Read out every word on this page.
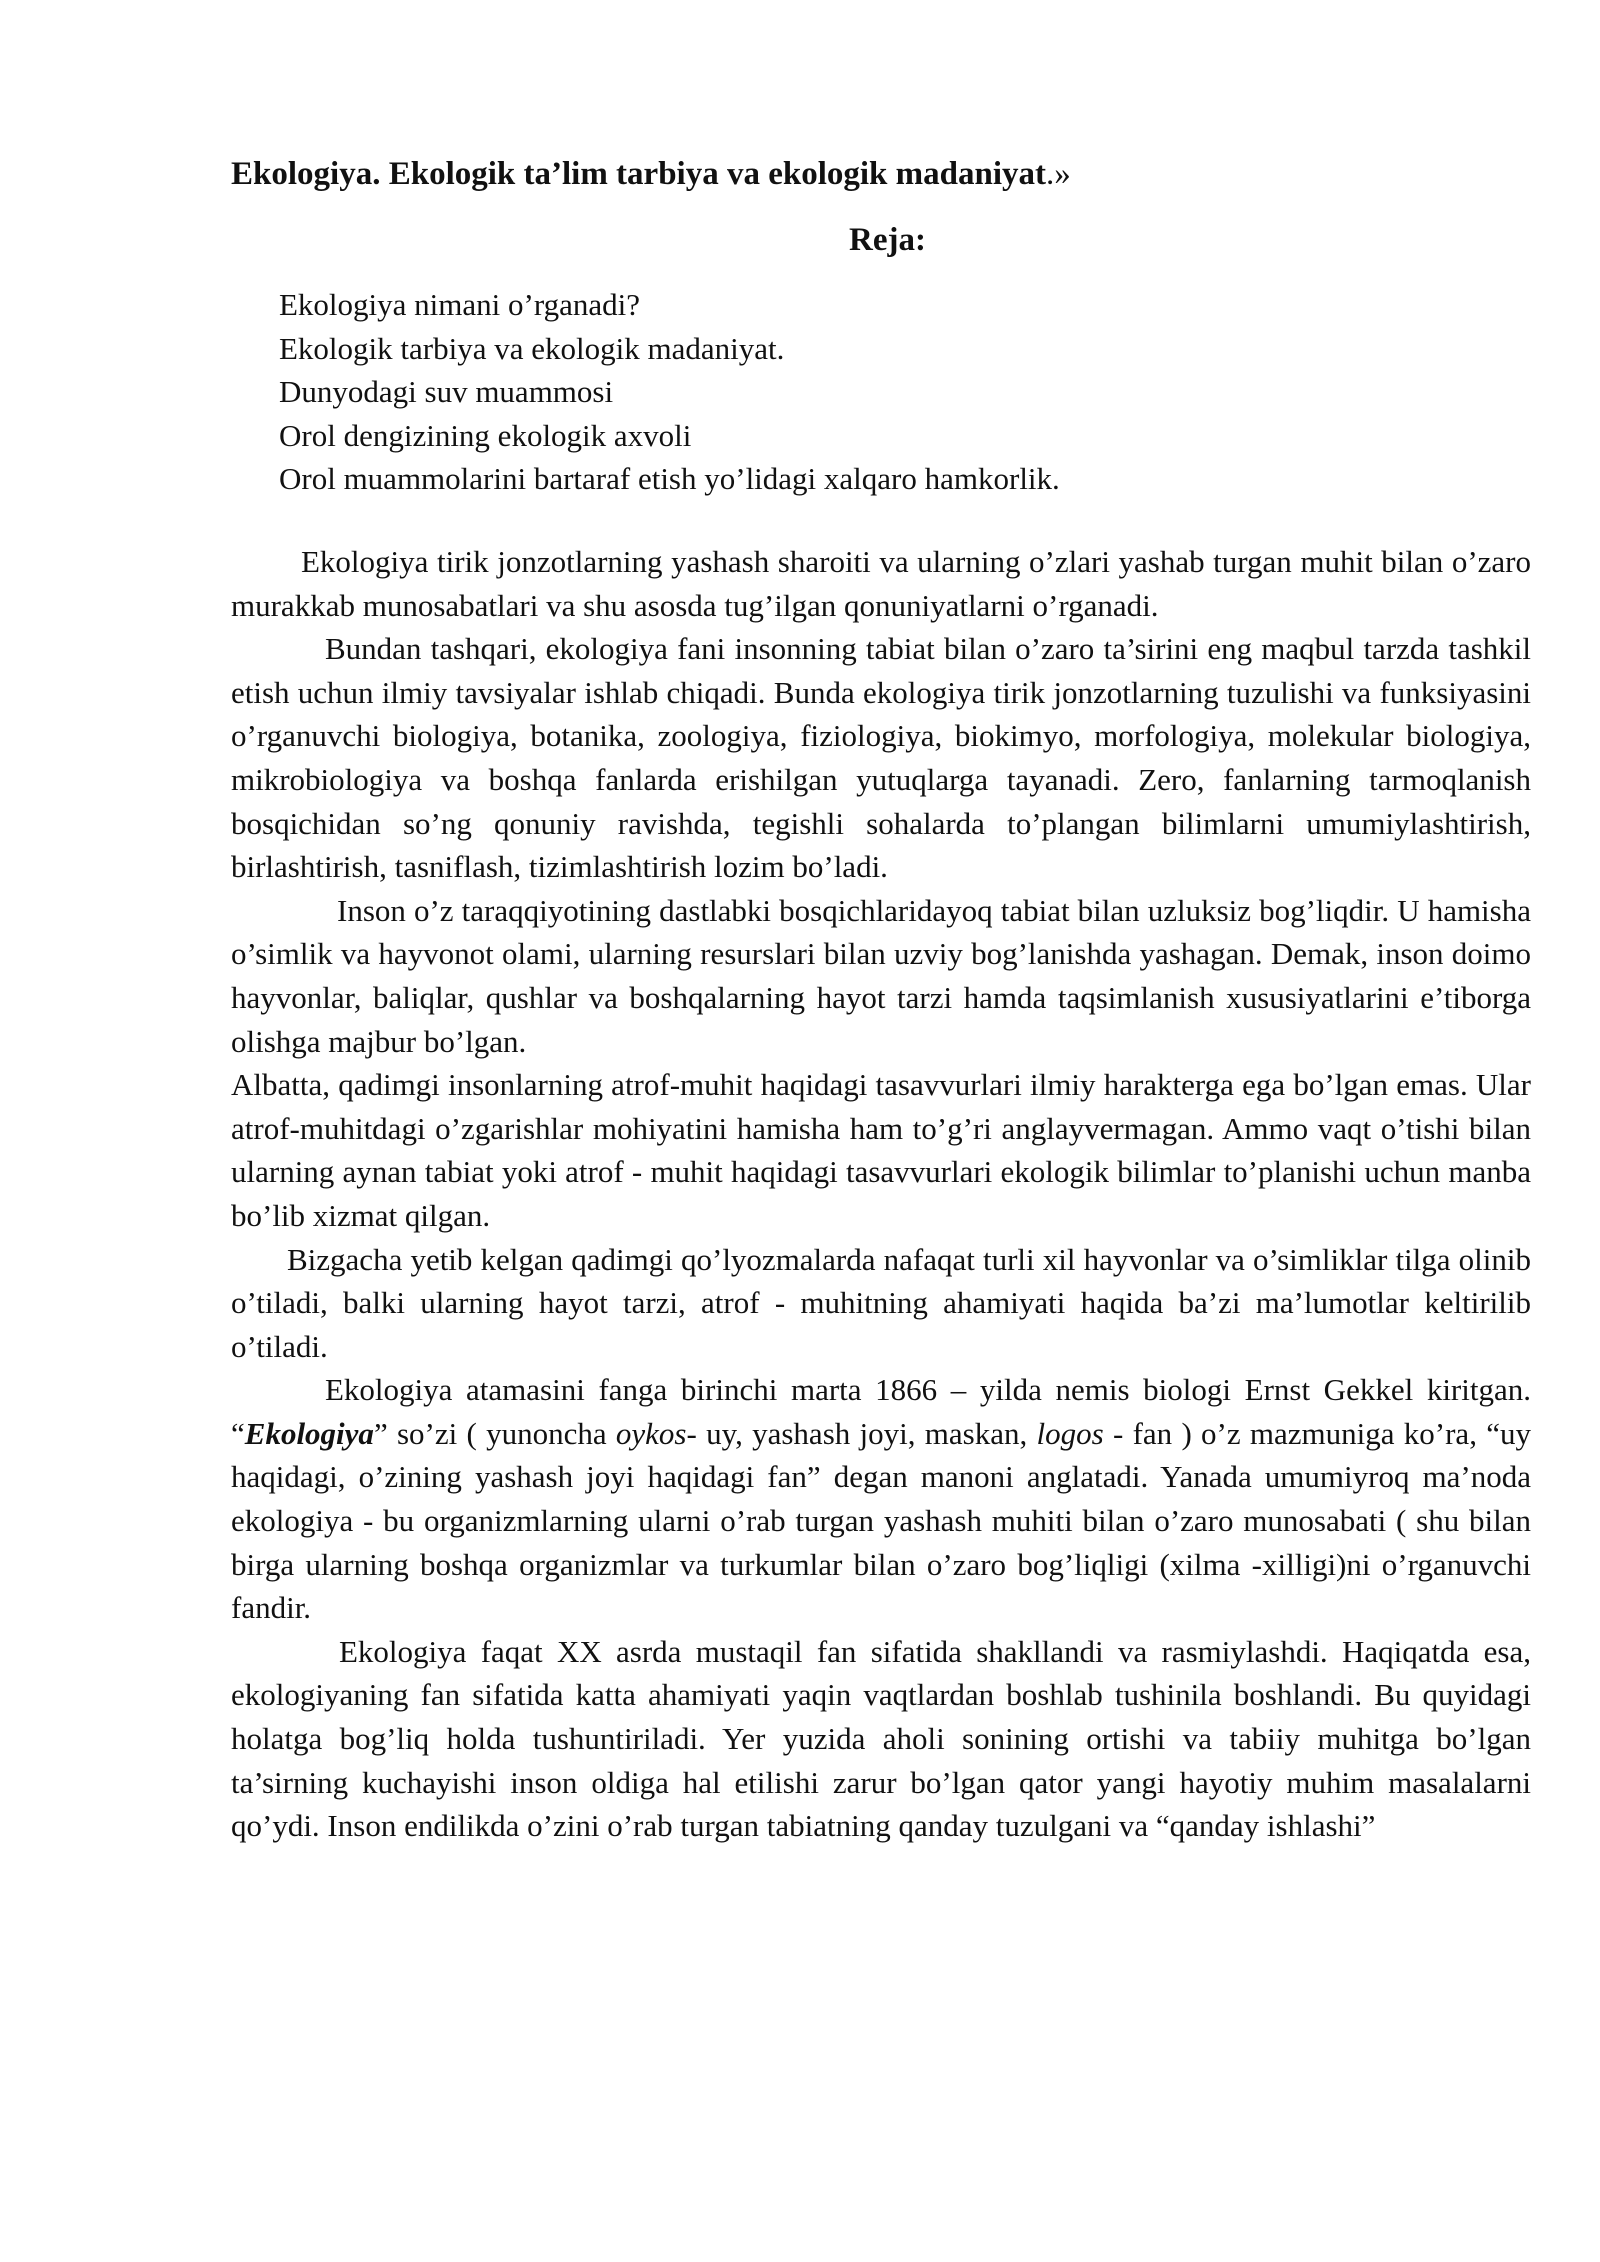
Ekologiya. Ekologik ta’lim tarbiya va ekologik madaniyat.»
Reja:
Ekologiya nimani o’rganadi?
Ekologik tarbiya va ekologik madaniyat.
Dunyodagi suv muammosi
Orol dengizining ekologik axvoli
Orol muammolarini bartaraf etish yo’lidagi xalqaro hamkorlik.

Ekologiya tirik jonzotlarning yashash sharoiti va ularning o’zlari yashab turgan muhit bilan o’zaro murakkab munosabatlari va shu asosda tug’ilgan qonuniyatlarni o’rganadi.

Bundan tashqari, ekologiya fani insonning tabiat bilan o’zaro ta’sirini eng maqbul tarzda tashkil etish uchun ilmiy tavsiyalar ishlab chiqadi. Bunda ekologiya tirik jonzotlarning tuzulishi va funksiyasini o’rganuvchi biologiya, botanika, zoologiya, fiziologiya, biokimyo, morfologiya, molekular biologiya, mikrobiologiya va boshqa fanlarda erishilgan yutuqlarga tayanadi. Zero, fanlarning tarmoqlanish bosqichidan so’ng qonuniy ravishda, tegishli sohalarda to’plangan bilimlarni umumiylashtirish, birlashtirish, tasniflash, tizimlashtirish lozim bo’ladi.

Inson o’z taraqqiyotining dastlabki bosqichlaridayoq tabiat bilan uzluksiz bog’liqdir. U hamisha o’simlik va hayvonot olami, ularning resurslari bilan uzviy bog’lanishda yashagan. Demak, inson doimo hayvonlar, baliqlar, qushlar va boshqalarning hayot tarzi hamda taqsimlanish xususiyatlarini e’tiborga olishga majbur bo’lgan.

Albatta, qadimgi insonlarning atrof-muhit haqidagi tasavvurlari ilmiy harakterga ega bo’lgan emas. Ular atrof-muhitdagi o’zgarishlar mohiyatini hamisha ham to’g’ri anglayvermagan. Ammo vaqt o’tishi bilan ularning aynan tabiat yoki atrof - muhit haqidagi tasavvurlari ekologik bilimlar to’planishi uchun manba bo’lib xizmat qilgan.

Bizgacha yetib kelgan qadimgi qo’lyozmalarda nafaqat turli xil hayvonlar va o’simliklar tilga olinib o’tiladi, balki ularning hayot tarzi, atrof - muhitning ahamiyati haqida ba’zi ma’lumotlar keltirilib o’tiladi.

Ekologiya atamasini fanga birinchi marta 1866 – yilda nemis biologi Ernst Gekkel kiritgan. “Ekologiya” so’zi ( yunoncha oykos- uy, yashash joyi, maskan, logos - fan ) o’z mazmuniga ko’ra, “uy haqidagi, o’zining yashash joyi haqidagi fan” degan manoni anglatadi. Yanada umumiyroq ma’noda ekologiya - bu organizmlarning ularni o’rab turgan yashash muhiti bilan o’zaro munosabati ( shu bilan birga ularning boshqa organizmlar va turkumlar bilan o’zaro bog’liqligi (xilma -xilligi)ni o’rganuvchi fandir.

Ekologiya faqat XX asrda mustaqil fan sifatida shakllandi va rasmiylashdi. Haqiqatda esa, ekologiyaning fan sifatida katta ahamiyati yaqin vaqtlardan boshlab tushinila boshlandi. Bu quyidagi holatga bog’liq holda tushuntiriladi. Yer yuzida aholi sonining ortishi va tabiiy muhitga bo’lgan ta’sirning kuchayishi inson oldiga hal etilishi zarur bo’lgan qator yangi hayotiy muhim masalalarni qo’ydi. Inson endilikda o’zini o’rab turgan tabiatning qanday tuzulgani va “qanday ishlashi”
